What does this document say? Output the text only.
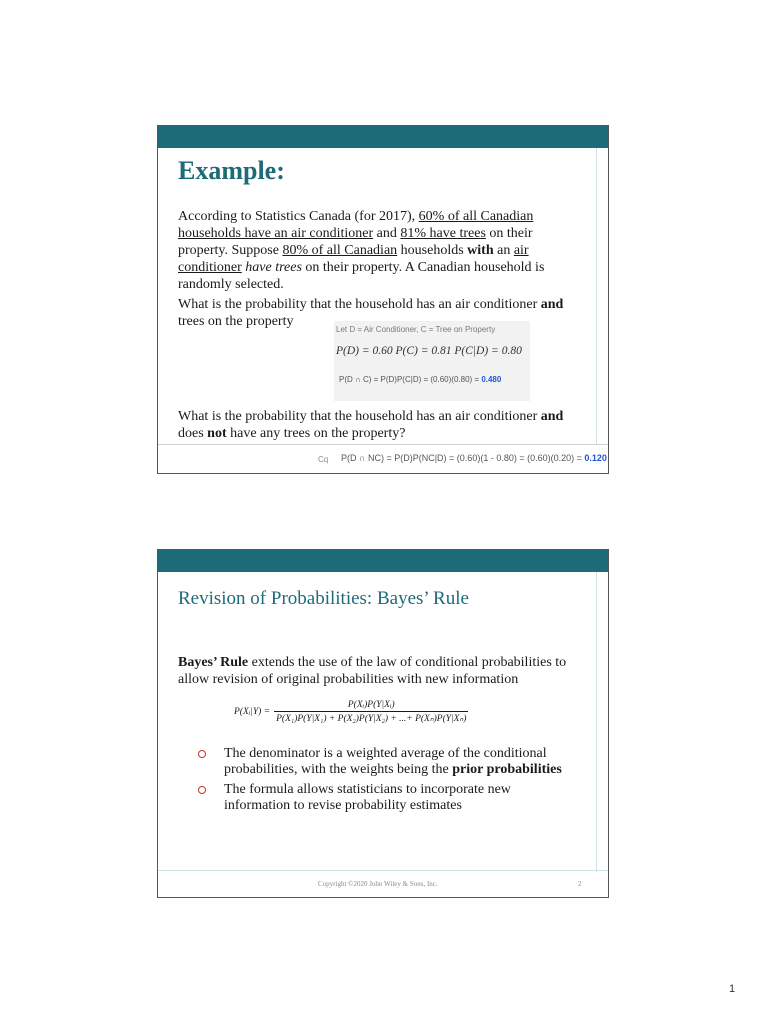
Example:

According to Statistics Canada (for 2017), 60% of all Canadian households have an air conditioner and 81% have trees on their property. Suppose 80% of all Canadian households with an air conditioner have trees on their property. A Canadian household is randomly selected.

What is the probability that the household has an air conditioner and trees on the property

Let D = Air Conditioner, C = Tree on Property
P(D) = 0.60 P(C) = 0.81 P(C|D) = 0.80
P(D ∩ C) = P(D)P(C|D) = (0.60)(0.80) = 0.480

What is the probability that the household has an air conditioner and does not have any trees on the property?

Cq P(D ∩ NC) = P(D)P(NC|D) = (0.60)(1 - 0.80) = (0.60)(0.20) = 0.120
Revision of Probabilities: Bayes’ Rule

Bayes’ Rule extends the use of the law of conditional probabilities to allow revision of original probabilities with new information

P(Xᵢ|Y) = $\frac{\text{P(Xᵢ)P(Y|Xᵢ)}}{\text{P(X₁)P(Y|X₁) + P(X₂)P(Y|X₂) + ...+ P(Xₙ)P(Y|Xₙ)}}$
The denominator is a weighted average of the conditional probabilities, with the weights being the prior probabilities
The formula allows statisticians to incorporate new information to revise probability estimates
Copyright ©2020 John Wiley & Sons, Inc.	2
1
